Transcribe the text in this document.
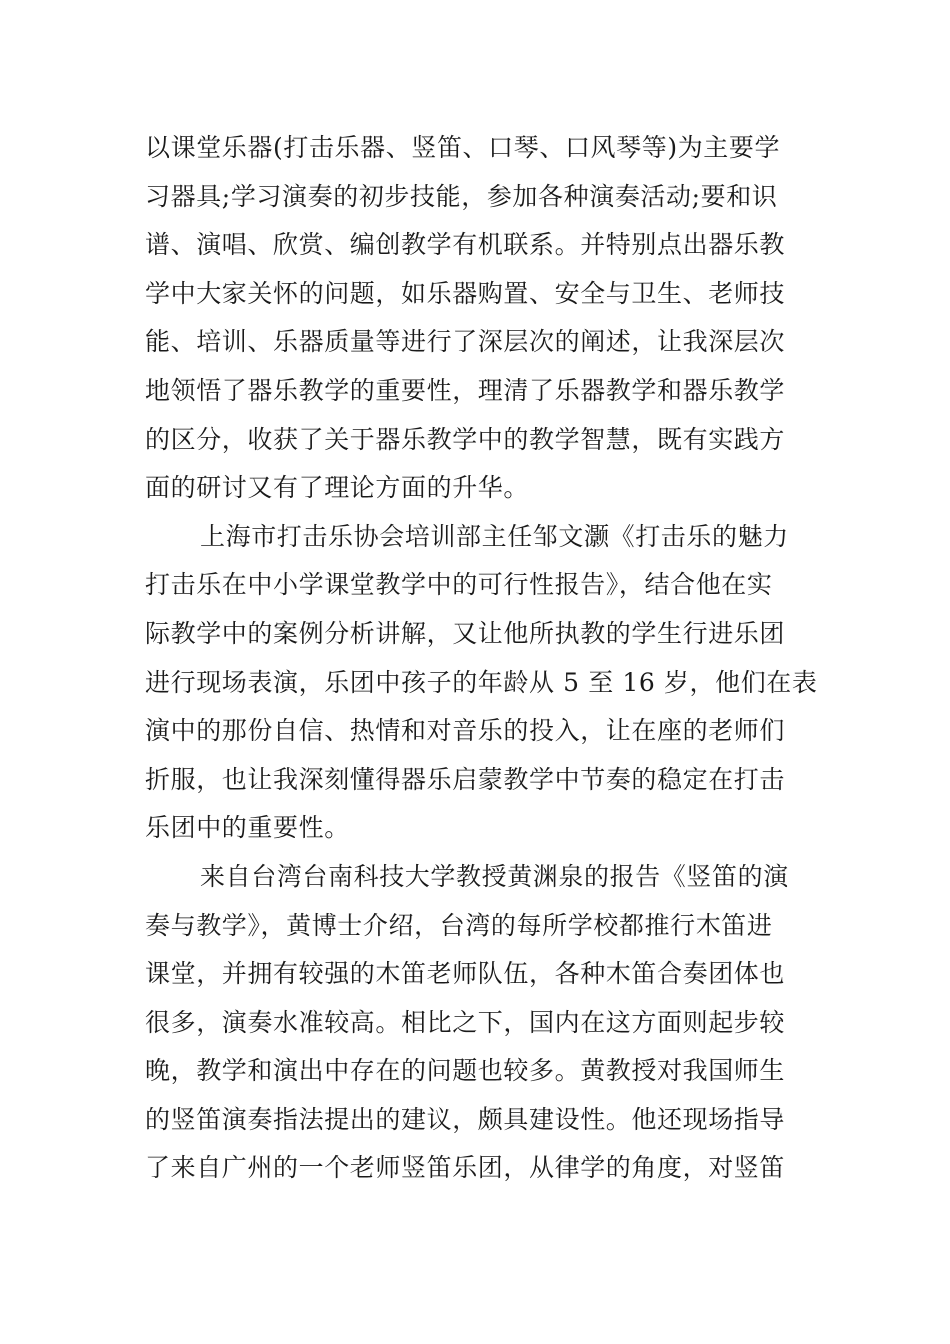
以课堂乐器(打击乐器、竖笛、口琴、口风琴等)为主要学
习器具;学习演奏的初步技能，参加各种演奏活动;要和识
谱、演唱、欣赏、编创教学有机联系。并特别点出器乐教
学中大家关怀的问题，如乐器购置、安全与卫生、老师技
能、培训、乐器质量等进行了深层次的阐述，让我深层次
地领悟了器乐教学的重要性，理清了乐器教学和器乐教学
的区分，收获了关于器乐教学中的教学智慧，既有实践方
面的研讨又有了理论方面的升华。
上海市打击乐协会培训部主任邹文灏《打击乐的魅力
打击乐在中小学课堂教学中的可行性报告》，结合他在实
际教学中的案例分析讲解，又让他所执教的学生行进乐团
进行现场表演，乐团中孩子的年龄从 5 至 16 岁，他们在表
演中的那份自信、热情和对音乐的投入，让在座的老师们
折服，也让我深刻懂得器乐启蒙教学中节奏的稳定在打击
乐团中的重要性。
来自台湾台南科技大学教授黄渊泉的报告《竖笛的演
奏与教学》，黄博士介绍，台湾的每所学校都推行木笛进
课堂，并拥有较强的木笛老师队伍，各种木笛合奏团体也
很多，演奏水准较高。相比之下，国内在这方面则起步较
晚，教学和演出中存在的问题也较多。黄教授对我国师生
的竖笛演奏指法提出的建议，颇具建设性。他还现场指导
了来自广州的一个老师竖笛乐团，从律学的角度，对竖笛
